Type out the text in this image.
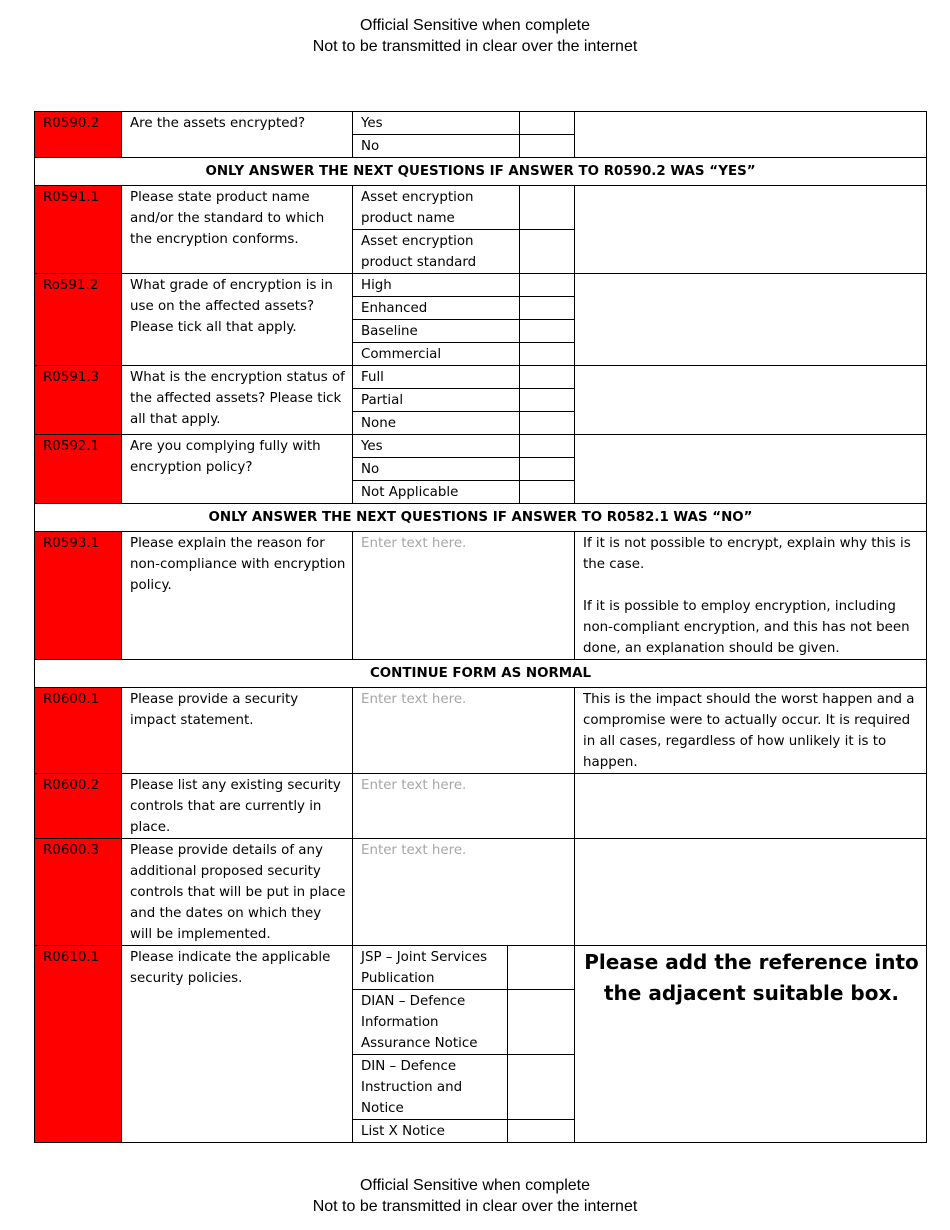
Official Sensitive when complete
Not to be transmitted in clear over the internet
R0590.2	Are the assets encrypted?	Yes			
		No			
ONLY ANSWER THE NEXT QUESTIONS IF ANSWER TO R0590.2 WAS “YES”					
R0591.1	Please state product name and/or the standard to which the encryption conforms.	Asset encryption product name			
		Asset encryption product standard			
Ro591.2	What grade of encryption is in use on the affected assets? Please tick all that apply.	High			
		Enhanced			
		Baseline			
		Commercial			
R0591.3	What is the encryption status of the affected assets? Please tick all that apply.	Full			
		Partial			
		None			
R0592.1	Are you complying fully with encryption policy?	Yes			
		No			
		Not Applicable			
ONLY ANSWER THE NEXT QUESTIONS IF ANSWER TO R0582.1 WAS “NO”					
R0593.1	Please explain the reason for non-compliance with encryption policy.	Enter text here.			If it is not possible to encrypt, explain why this is the case.
If it is possible to employ encryption, including non-compliant encryption, and this has not been done, an explanation should be given.

CONTINUE FORM AS NORMAL					
R0600.1	Please provide a security impact statement.	Enter text here.			This is the impact should the worst happen and a compromise were to actually occur. It is required in all cases, regardless of how unlikely it is to happen.
R0600.2	Please list any existing security controls that are currently in place.	Enter text here.			
R0600.3	Please provide details of any additional proposed security controls that will be put in place and the dates on which they will be implemented.	Enter text here.			
R0610.1	Please indicate the applicable security policies.	JSP – Joint Services Publication			Please add the reference into the adjacent suitable box.
		DIAN – Defence Information Assurance Notice			
		DIN – Defence Instruction and Notice			
		List X Notice			
Official Sensitive when complete
Not to be transmitted in clear over the internet
